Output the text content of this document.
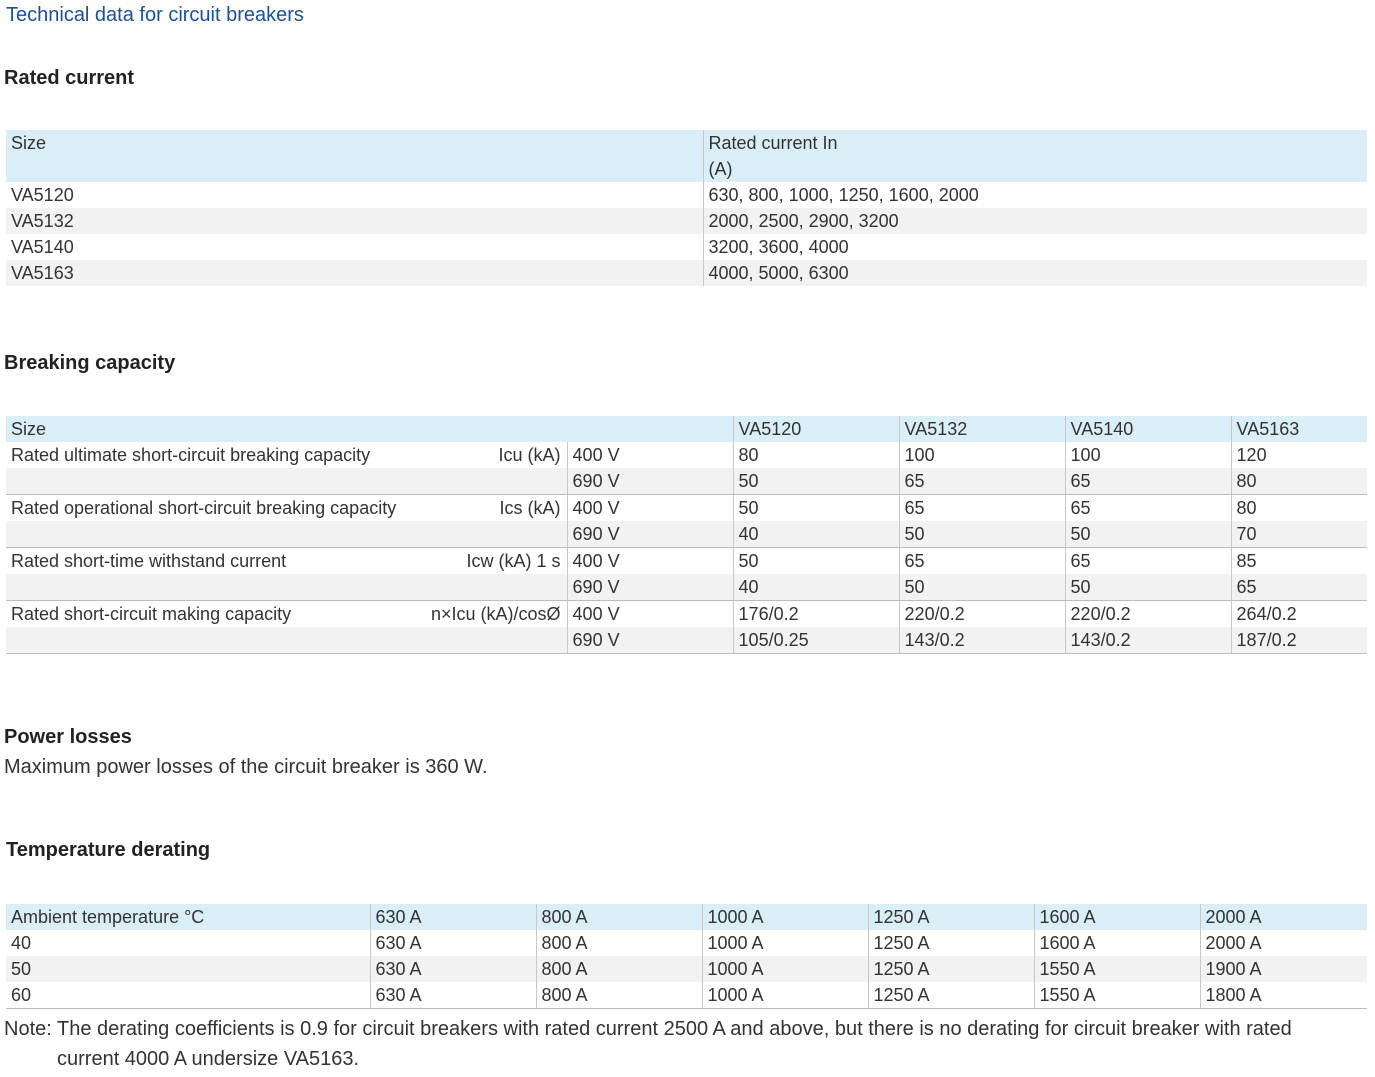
Technical data for circuit breakers
Rated current
Size	Rated current In
(A)

VA5120	630, 800, 1000, 1250, 1600, 2000
VA5132	2000, 2500, 2900, 3200
VA5140	3200, 3600, 4000
VA5163	4000, 5000, 6300
Breaking capacity
Size			VA5120	VA5132	VA5140	VA5163
Rated ultimate short-circuit breaking capacity	Icu (kA)	400 V	80	100	100	120
		690 V	50	65	65	80
Rated operational short-circuit breaking capacity	Ics (kA)	400 V	50	65	65	80
		690 V	40	50	50	70
Rated short-time withstand current	Icw (kA) 1 s	400 V	50	65	65	85
		690 V	40	50	50	65
Rated short-circuit making capacity	n×Icu (kA)/cosØ	400 V	176/0.2	220/0.2	220/0.2	264/0.2
		690 V	105/0.25	143/0.2	143/0.2	187/0.2
Power losses
Maximum power losses of the circuit breaker is 360 W.
Temperature derating
Ambient temperature °C	630 A	800 A	1000 A	1250 A	1600 A	2000 A
40	630 A	800 A	1000 A	1250 A	1600 A	2000 A
50	630 A	800 A	1000 A	1250 A	1550 A	1900 A
60	630 A	800 A	1000 A	1250 A	1550 A	1800 A
Note: The derating coefficients is 0.9 for circuit breakers with rated current 2500 A and above, but there is no derating for circuit breaker with rated
current 4000 A undersize VA5163.
